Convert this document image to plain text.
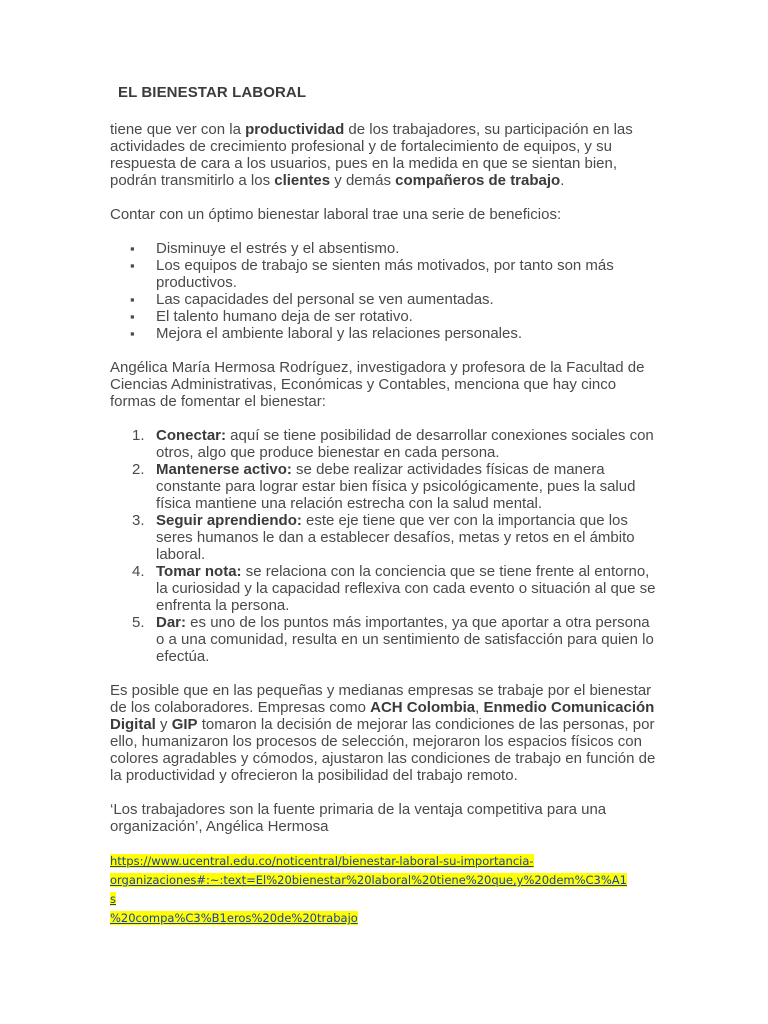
EL BIENESTAR LABORAL

tiene que ver con la productividad de los trabajadores, su participación en las actividades de crecimiento profesional y de fortalecimiento de equipos, y su respuesta de cara a los usuarios, pues en la medida en que se sientan bien, podrán transmitirlo a los clientes y demás compañeros de trabajo.

Contar con un óptimo bienestar laboral trae una serie de beneficios:

▪ Disminuye el estrés y el absentismo.
▪ Los equipos de trabajo se sienten más motivados, por tanto son más productivos.
▪ Las capacidades del personal se ven aumentadas.
▪ El talento humano deja de ser rotativo.
▪ Mejora el ambiente laboral y las relaciones personales.

Angélica María Hermosa Rodríguez, investigadora y profesora de la Facultad de Ciencias Administrativas, Económicas y Contables, menciona que hay cinco formas de fomentar el bienestar:

1. Conectar: aquí se tiene posibilidad de desarrollar conexiones sociales con otros, algo que produce bienestar en cada persona.
2. Mantenerse activo: se debe realizar actividades físicas de manera constante para lograr estar bien física y psicológicamente, pues la salud física mantiene una relación estrecha con la salud mental.
3. Seguir aprendiendo: este eje tiene que ver con la importancia que los seres humanos le dan a establecer desafíos, metas y retos en el ámbito laboral.
4. Tomar nota: se relaciona con la conciencia que se tiene frente al entorno, la curiosidad y la capacidad reflexiva con cada evento o situación al que se enfrenta la persona.
5. Dar: es uno de los puntos más importantes, ya que aportar a otra persona o a una comunidad, resulta en un sentimiento de satisfacción para quien lo efectúa.

Es posible que en las pequeñas y medianas empresas se trabaje por el bienestar de los colaboradores. Empresas como ACH Colombia, Enmedio Comunicación Digital y GIP tomaron la decisión de mejorar las condiciones de las personas, por ello, humanizaron los procesos de selección, mejoraron los espacios físicos con colores agradables y cómodos, ajustaron las condiciones de trabajo en función de la productividad y ofrecieron la posibilidad del trabajo remoto.

‘Los trabajadores son la fuente primaria de la ventaja competitiva para una organización’, Angélica Hermosa

https://www.ucentral.edu.co/noticentral/bienestar-laboral-su-importancia-
organizaciones#:~:text=El%20bienestar%20laboral%20tiene%20que,y%20dem%C3%A1s
%20compa%C3%B1eros%20de%20trabajo
